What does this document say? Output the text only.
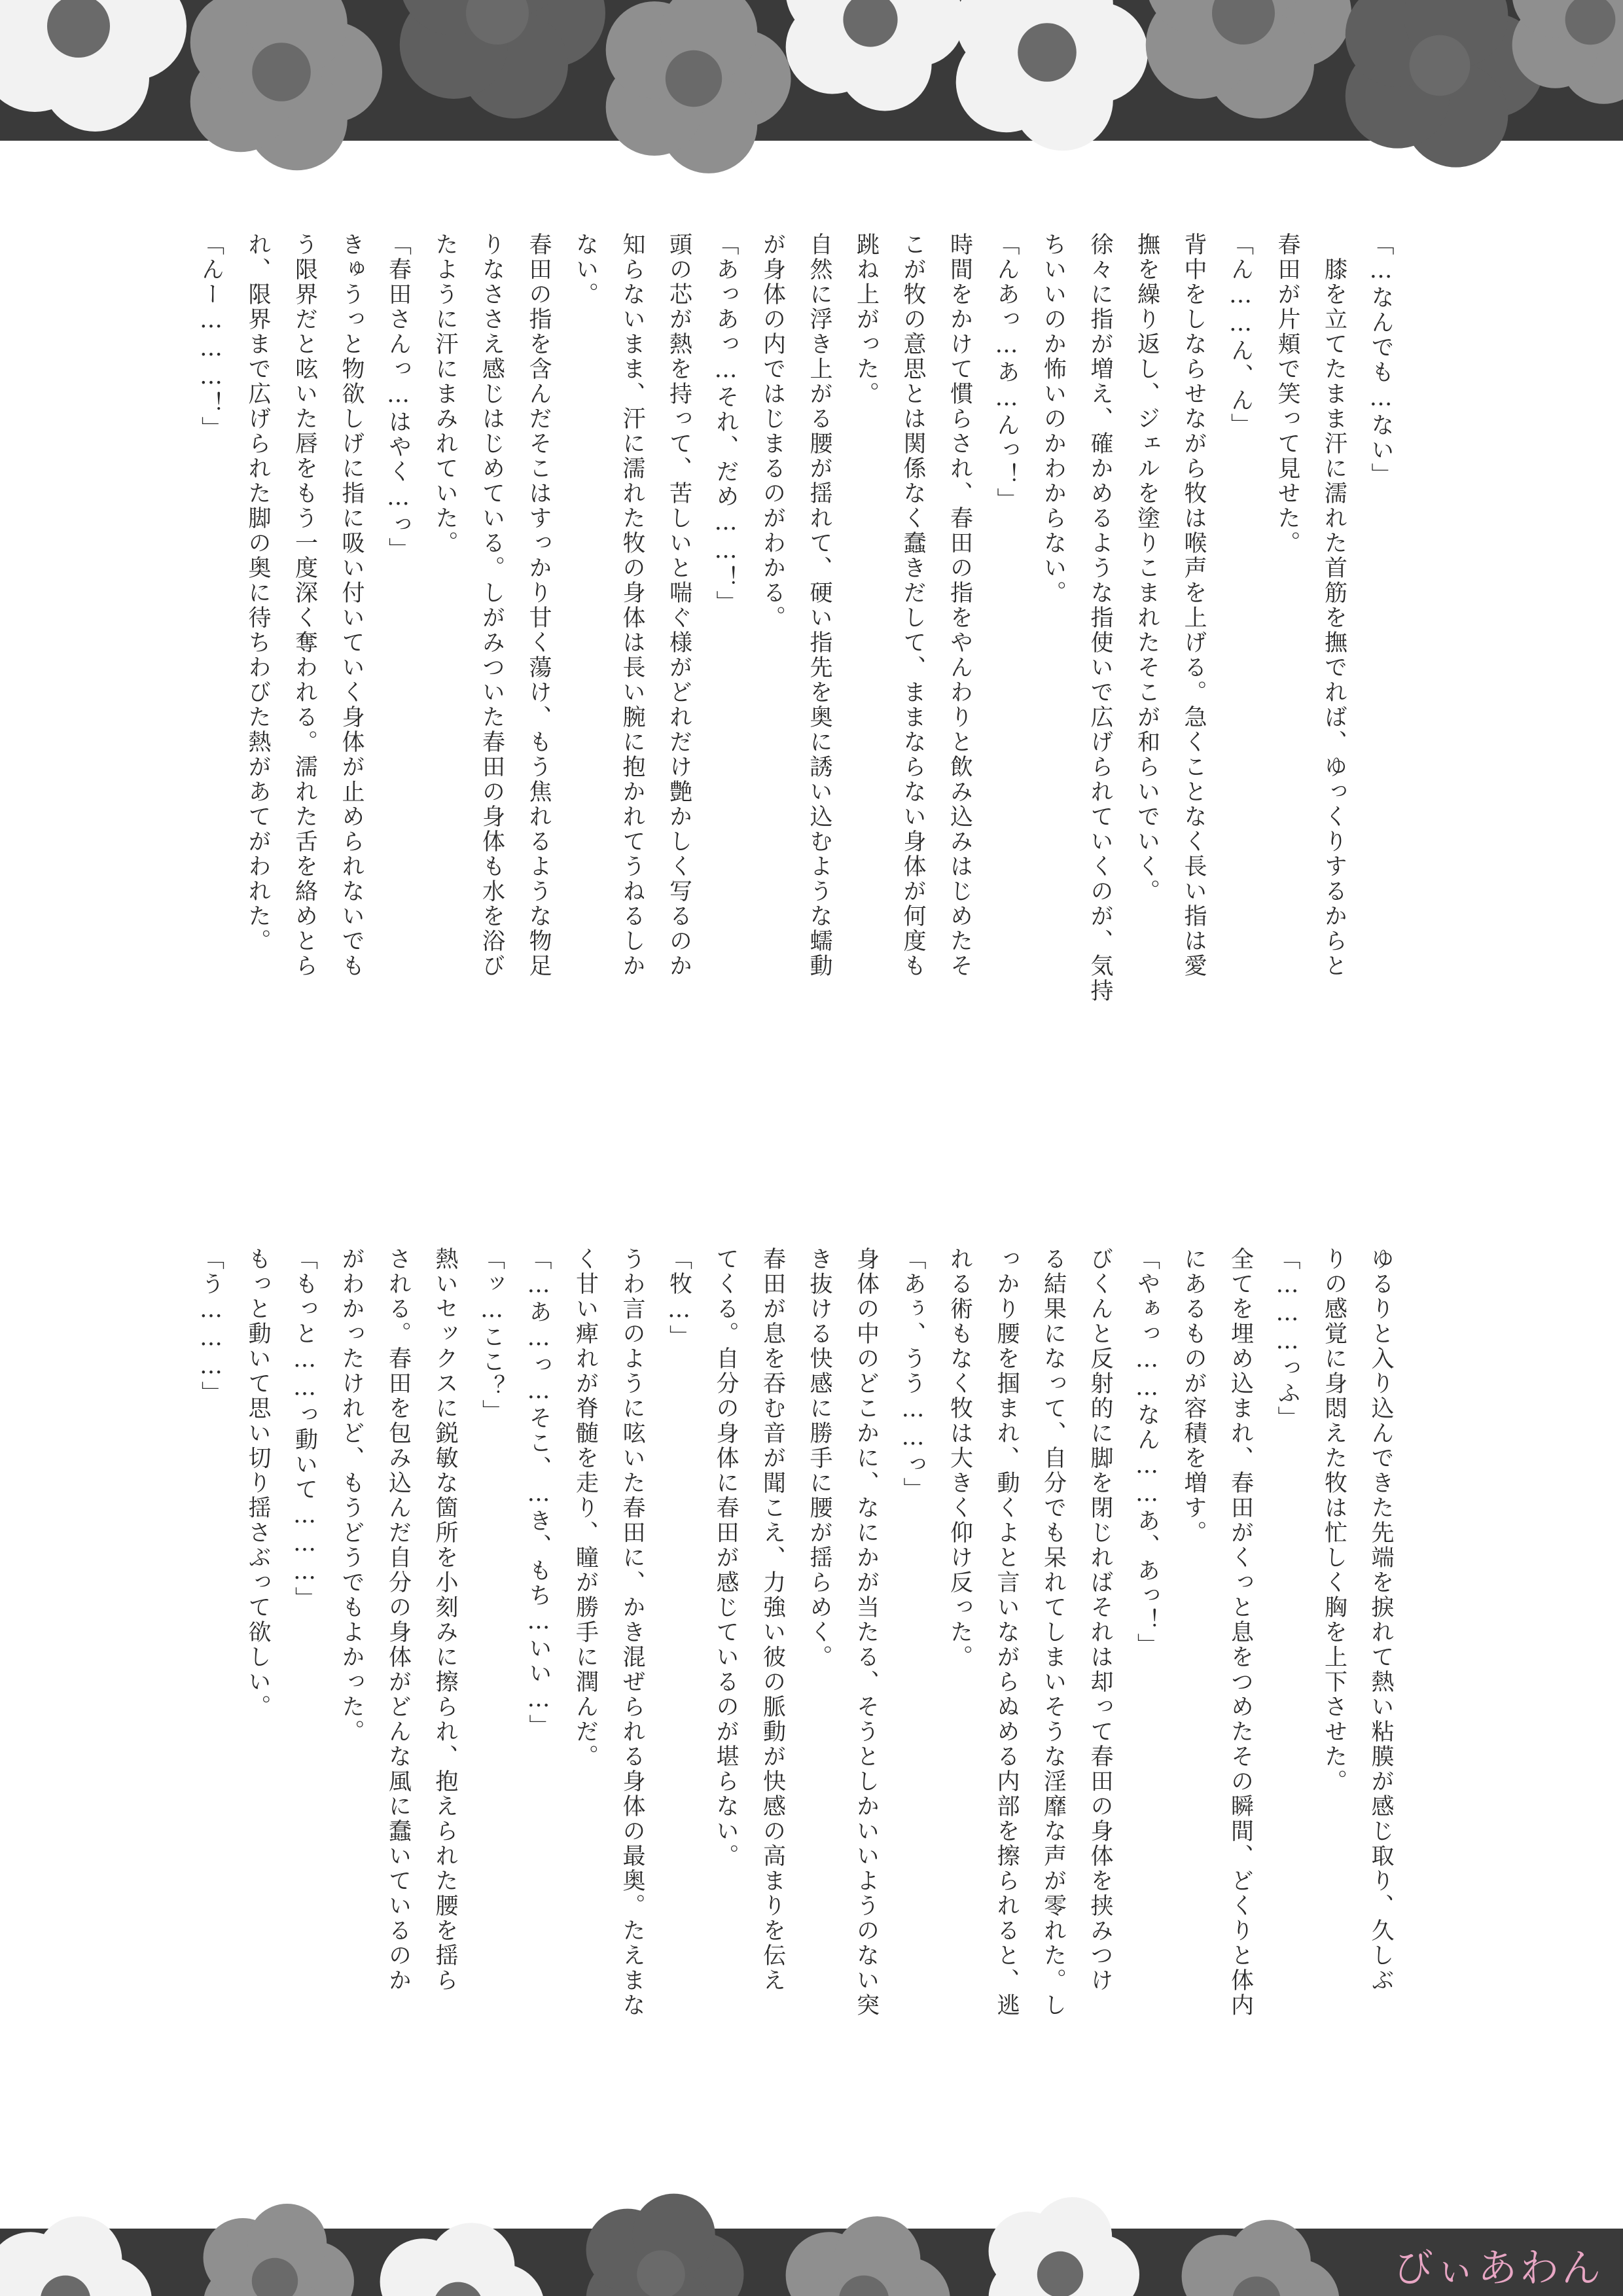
「…なんでも…ない」
　膝を立てたまま汗に濡れた首筋を撫でれば、ゆっくりするからと
春田が片頬で笑って見せた。
「ん……ん、ん」
背中をしならせながら牧は喉声を上げる。急くことなく長い指は愛
撫を繰り返し、ジェルを塗りこまれたそこが和らいでいく。
徐々に指が増え、確かめるような指使いで広げられていくのが、気持
ちいいのか怖いのかわからない。
「んあっ…あ…んっ！」
時間をかけて慣らされ、春田の指をやんわりと飲み込みはじめたそ
こが牧の意思とは関係なく蠢きだして、ままならない身体が何度も
跳ね上がった。
自然に浮き上がる腰が揺れて、硬い指先を奥に誘い込むような蠕動
が身体の内ではじまるのがわかる。
「あっあっ…それ、だめ……！」
頭の芯が熱を持って、苦しいと喘ぐ様がどれだけ艶かしく写るのか
知らないまま、汗に濡れた牧の身体は長い腕に抱かれてうねるしか
ない。
春田の指を含んだそこはすっかり甘く蕩け、もう焦れるような物足
りなささえ感じはじめている。しがみついた春田の身体も水を浴び
たように汗にまみれていた。
「春田さんっ…はやく…っ」
きゅうっと物欲しげに指に吸い付いていく身体が止められないでも
う限界だと呟いた唇をもう一度深く奪われる。濡れた舌を絡めとら
れ、限界まで広げられた脚の奥に待ちわびた熱があてがわれた。
「んー………！」
ゆるりと入り込んできた先端を捩れて熱い粘膜が感じ取り、久しぶ
りの感覚に身悶えた牧は忙しく胸を上下させた。
「………っふ」
全てを埋め込まれ、春田がくっと息をつめたその瞬間、どくりと体内
にあるものが容積を増す。
「やぁっ……なん……あ、あっ！」
びくんと反射的に脚を閉じればそれは却って春田の身体を挟みつけ
る結果になって、自分でも呆れてしまいそうな淫靡な声が零れた。し
っかり腰を掴まれ、動くよと言いながらぬめる内部を擦られると、逃
れる術もなく牧は大きく仰け反った。
「あぅ、うう……っ」
身体の中のどこかに、なにかが当たる、そうとしかいいようのない突
き抜ける快感に勝手に腰が揺らめく。
春田が息を吞む音が聞こえ、力強い彼の脈動が快感の高まりを伝え
てくる。自分の身体に春田が感じているのが堪らない。
「牧…」
うわ言のように呟いた春田に、かき混ぜられる身体の最奥。たえまな
く甘い痺れが脊髄を走り、瞳が勝手に潤んだ。
「…あ…っ…そこ、…き、もち…いい…」
「ッ…ここ？」
熱いセックスに鋭敏な箇所を小刻みに擦られ、抱えられた腰を揺ら
される。春田を包み込んだ自分の身体がどんな風に蠢いているのか
がわかったけれど、もうどうでもよかった。
「もっと……っ動いて………」
もっと動いて思い切り揺さぶって欲しい。
「う………」
びぃあわん
